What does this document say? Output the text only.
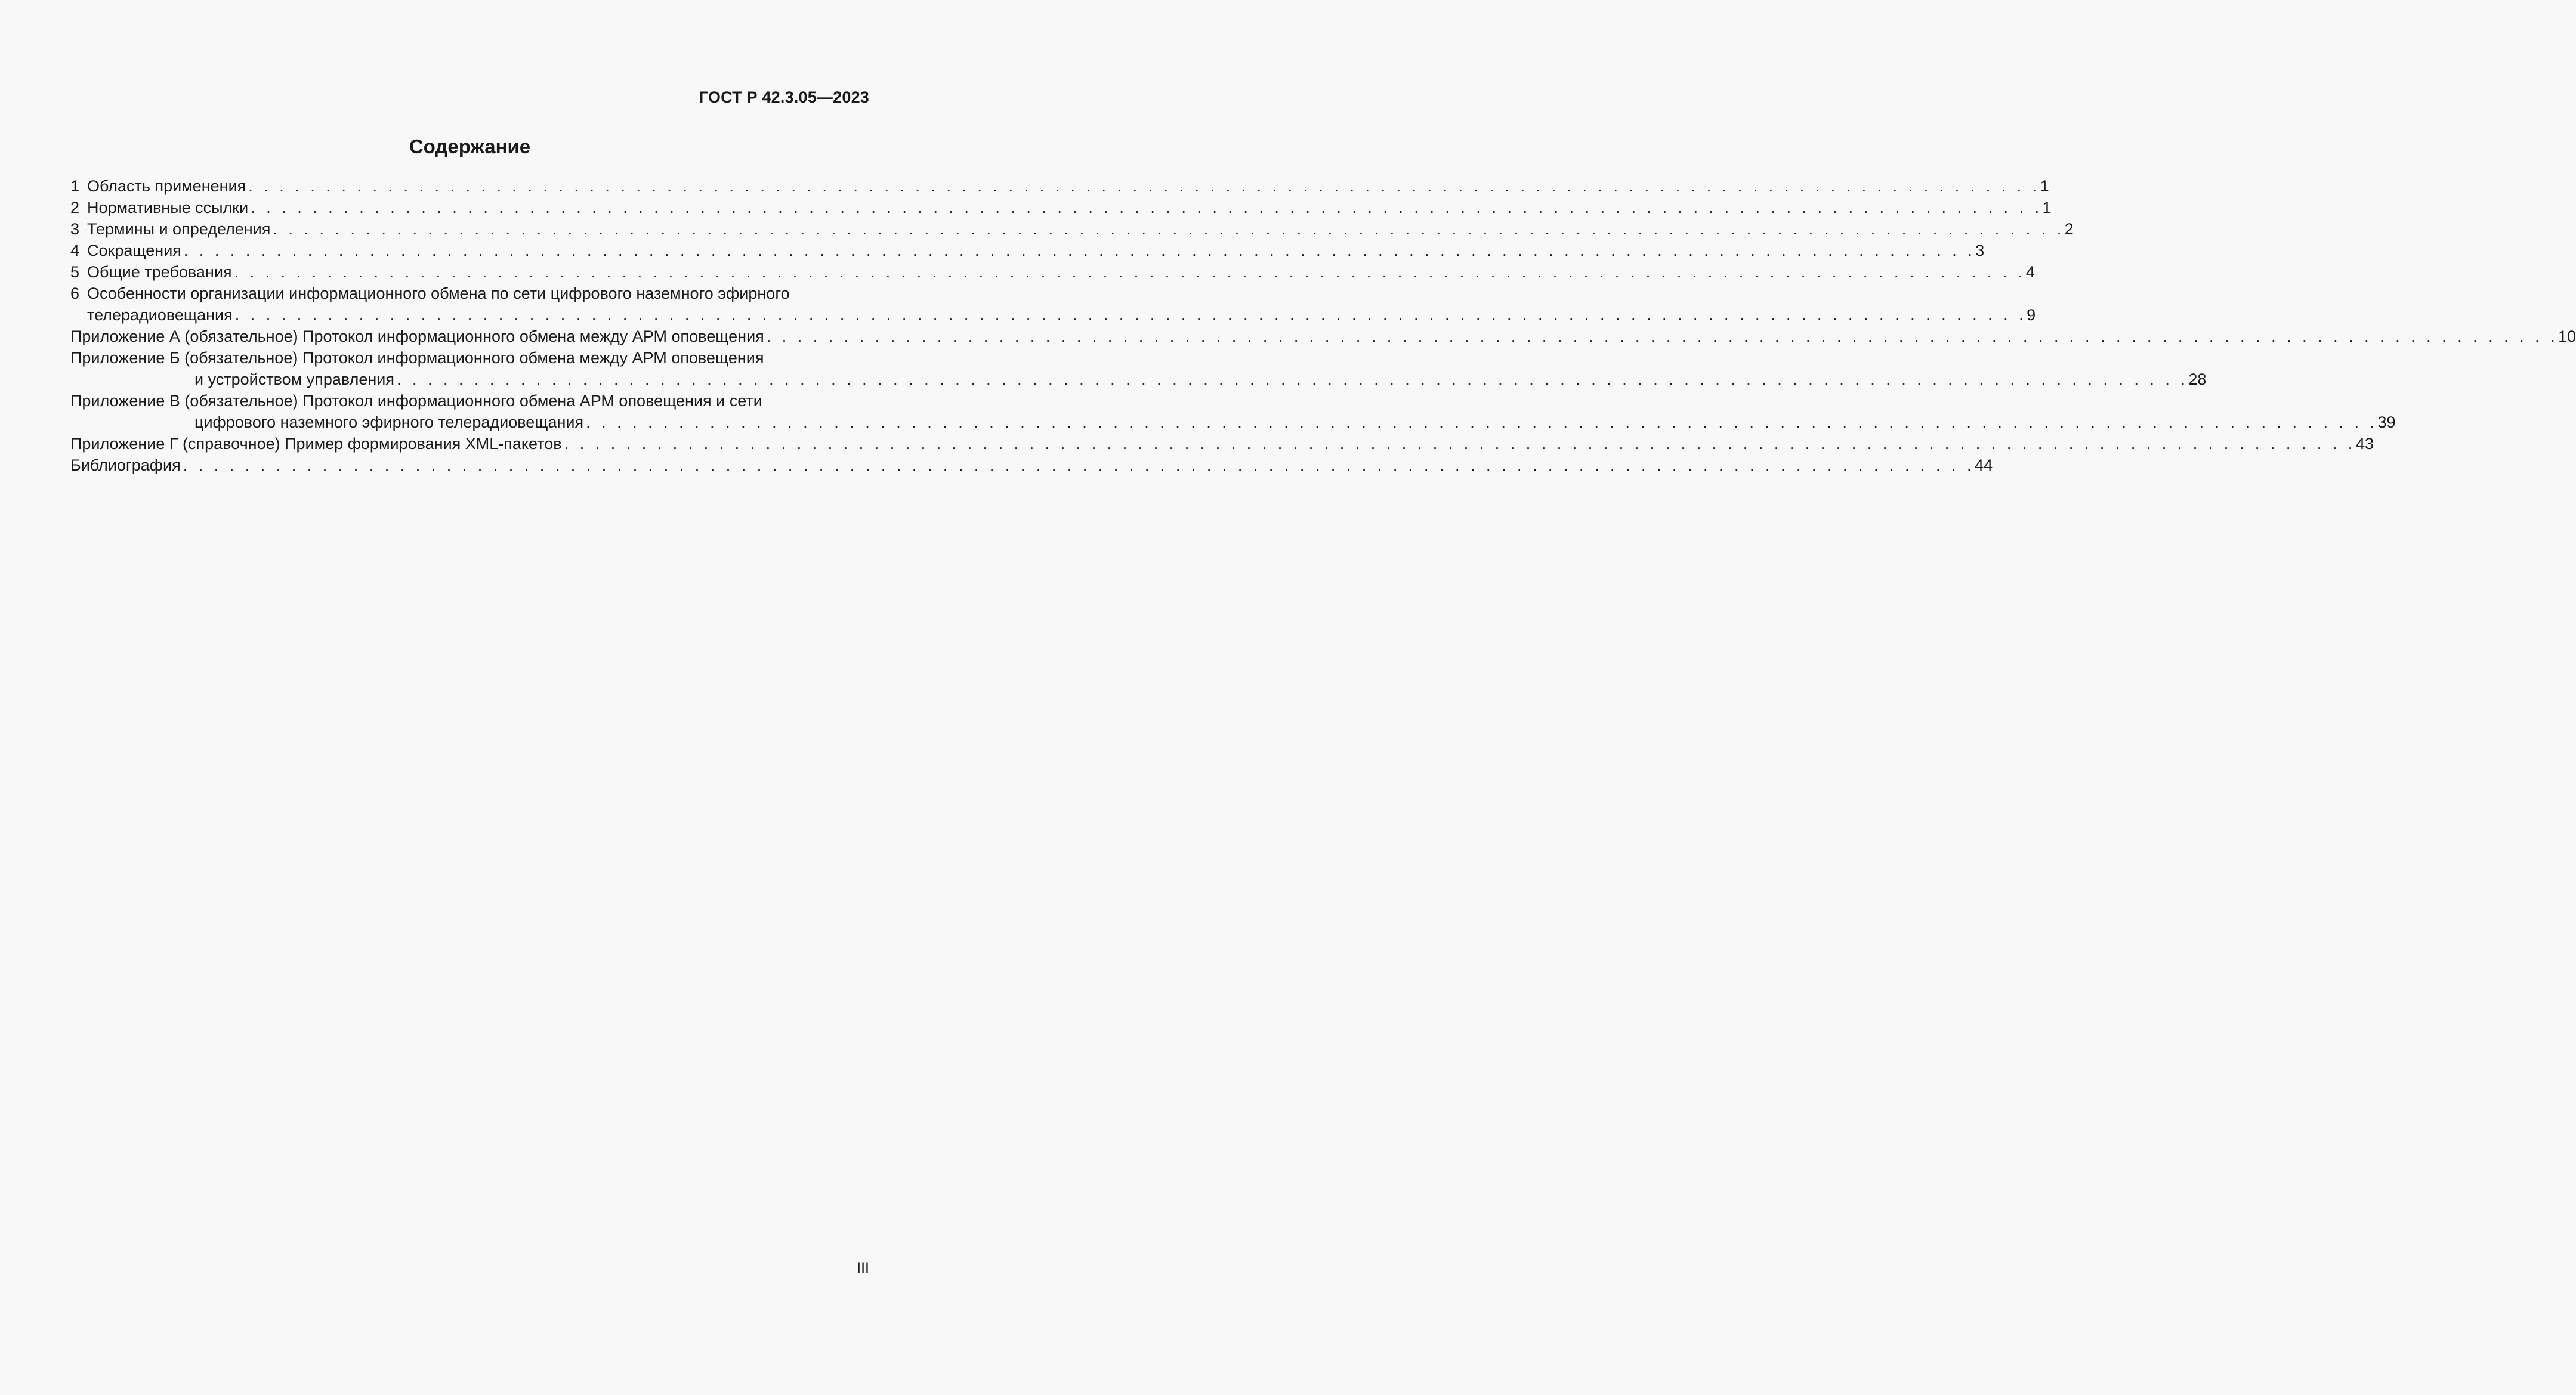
ГОСТ Р 42.3.05—2023
Содержание
1 Область применения . . . . . . . . . . . . . . . . . . . . . . . . . . . . . . . . . . . . . . . . . . . . . . . . . . . . . . . . . . . . . . . . . . . . . . . . . . . . . . . . . . . . . . . . . . . . . . . . . . . . . . . . . . . . . . . . . . . . 1
2 Нормативные ссылки . . . . . . . . . . . . . . . . . . . . . . . . . . . . . . . . . . . . . . . . . . . . . . . . . . . . . . . . . . . . . . . . . . . . . . . . . . . . . . . . . . . . . . . . . . . . . . . . . . . . . . . . . . . . . . . . . . . . 1
3 Термины и определения . . . . . . . . . . . . . . . . . . . . . . . . . . . . . . . . . . . . . . . . . . . . . . . . . . . . . . . . . . . . . . . . . . . . . . . . . . . . . . . . . . . . . . . . . . . . . . . . . . . . . . . . . . . . . . . . . . . . 2
4 Сокращения . . . . . . . . . . . . . . . . . . . . . . . . . . . . . . . . . . . . . . . . . . . . . . . . . . . . . . . . . . . . . . . . . . . . . . . . . . . . . . . . . . . . . . . . . . . . . . . . . . . . . . . . . . . . . . . . . . . . 3
5 Общие требования . . . . . . . . . . . . . . . . . . . . . . . . . . . . . . . . . . . . . . . . . . . . . . . . . . . . . . . . . . . . . . . . . . . . . . . . . . . . . . . . . . . . . . . . . . . . . . . . . . . . . . . . . . . . . . . . . . . . 4
6 Особенности организации информационного обмена по сети цифрового наземного эфирного
телерадиовещания . . . . . . . . . . . . . . . . . . . . . . . . . . . . . . . . . . . . . . . . . . . . . . . . . . . . . . . . . . . . . . . . . . . . . . . . . . . . . . . . . . . . . . . . . . . . . . . . . . . . . . . . . . . . . . . . . . . . 9
Приложение А (обязательное) Протокол информационного обмена между АРМ оповещения . . . . . . . . . . . . . . . . . . . . . . . . . . . . . . . . . . . . . . . . . . . . . . . . . . . . . . . . . . . . . . . . . . . . . . . . . . . . . . . . . . . . . . . . . . . . . . . . . . . . . . . . . . . . . . . . . . . . 10
Приложение Б (обязательное) Протокол информационного обмена между АРМ оповещения
и устройством управления . . . . . . . . . . . . . . . . . . . . . . . . . . . . . . . . . . . . . . . . . . . . . . . . . . . . . . . . . . . . . . . . . . . . . . . . . . . . . . . . . . . . . . . . . . . . . . . . . . . . . . . . . . . . . . . . . . . . 28
Приложение В (обязательное) Протокол информационного обмена АРМ оповещения и сети
цифрового наземного эфирного телерадиовещания . . . . . . . . . . . . . . . . . . . . . . . . . . . . . . . . . . . . . . . . . . . . . . . . . . . . . . . . . . . . . . . . . . . . . . . . . . . . . . . . . . . . . . . . . . . . . . . . . . . . . . . . . . . . . . . . . . . . 39
Приложение Г (справочное) Пример формирования XML-пакетов . . . . . . . . . . . . . . . . . . . . . . . . . . . . . . . . . . . . . . . . . . . . . . . . . . . . . . . . . . . . . . . . . . . . . . . . . . . . . . . . . . . . . . . . . . . . . . . . . . . . . . . . . . . . . . . . . . . . 43
Библиография . . . . . . . . . . . . . . . . . . . . . . . . . . . . . . . . . . . . . . . . . . . . . . . . . . . . . . . . . . . . . . . . . . . . . . . . . . . . . . . . . . . . . . . . . . . . . . . . . . . . . . . . . . . . . . . . . . . . 44
III
